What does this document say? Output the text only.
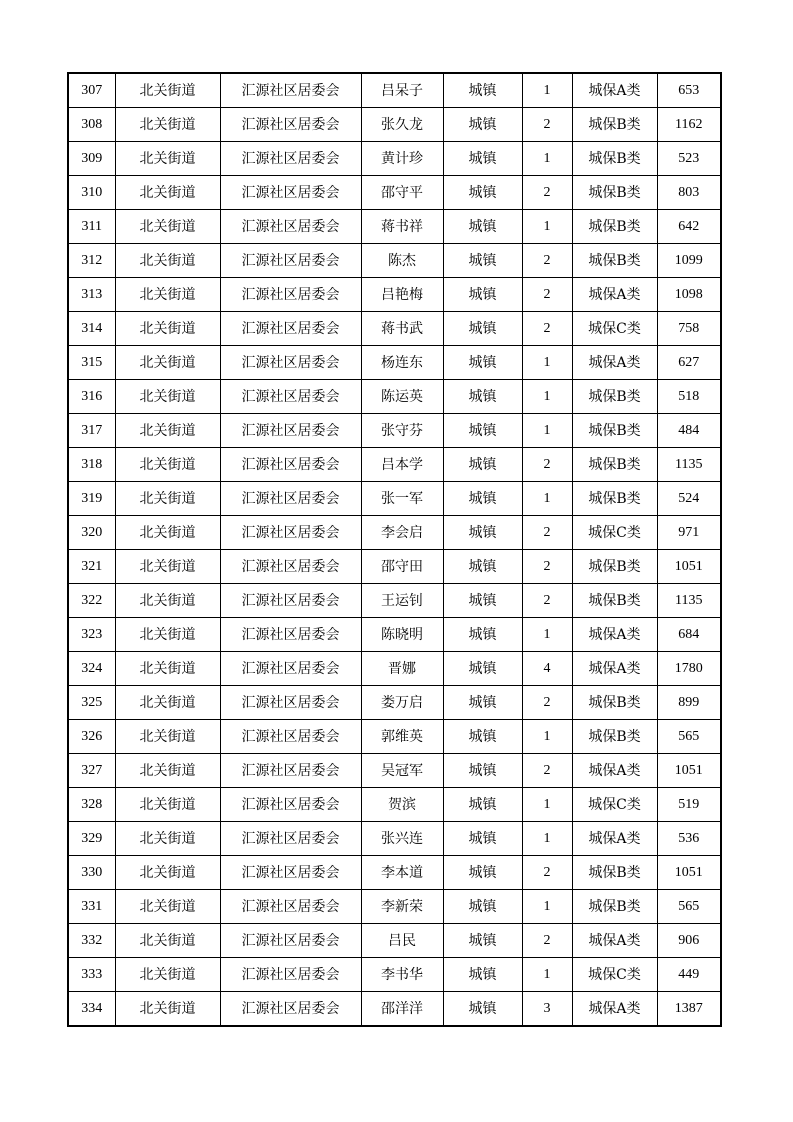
307	北关街道	汇源社区居委会	吕呆子	城镇	1	城保A类	653
308	北关街道	汇源社区居委会	张久龙	城镇	2	城保B类	1162
309	北关街道	汇源社区居委会	黄计珍	城镇	1	城保B类	523
310	北关街道	汇源社区居委会	邵守平	城镇	2	城保B类	803
311	北关街道	汇源社区居委会	蒋书祥	城镇	1	城保B类	642
312	北关街道	汇源社区居委会	陈杰	城镇	2	城保B类	1099
313	北关街道	汇源社区居委会	吕艳梅	城镇	2	城保A类	1098
314	北关街道	汇源社区居委会	蒋书武	城镇	2	城保C类	758
315	北关街道	汇源社区居委会	杨连东	城镇	1	城保A类	627
316	北关街道	汇源社区居委会	陈运英	城镇	1	城保B类	518
317	北关街道	汇源社区居委会	张守芬	城镇	1	城保B类	484
318	北关街道	汇源社区居委会	吕本学	城镇	2	城保B类	1135
319	北关街道	汇源社区居委会	张一军	城镇	1	城保B类	524
320	北关街道	汇源社区居委会	李会启	城镇	2	城保C类	971
321	北关街道	汇源社区居委会	邵守田	城镇	2	城保B类	1051
322	北关街道	汇源社区居委会	王运钊	城镇	2	城保B类	1135
323	北关街道	汇源社区居委会	陈晓明	城镇	1	城保A类	684
324	北关街道	汇源社区居委会	晋娜	城镇	4	城保A类	1780
325	北关街道	汇源社区居委会	娄万启	城镇	2	城保B类	899
326	北关街道	汇源社区居委会	郭维英	城镇	1	城保B类	565
327	北关街道	汇源社区居委会	吴冠军	城镇	2	城保A类	1051
328	北关街道	汇源社区居委会	贺滨	城镇	1	城保C类	519
329	北关街道	汇源社区居委会	张兴连	城镇	1	城保A类	536
330	北关街道	汇源社区居委会	李本道	城镇	2	城保B类	1051
331	北关街道	汇源社区居委会	李新荣	城镇	1	城保B类	565
332	北关街道	汇源社区居委会	吕民	城镇	2	城保A类	906
333	北关街道	汇源社区居委会	李书华	城镇	1	城保C类	449
334	北关街道	汇源社区居委会	邵洋洋	城镇	3	城保A类	1387
